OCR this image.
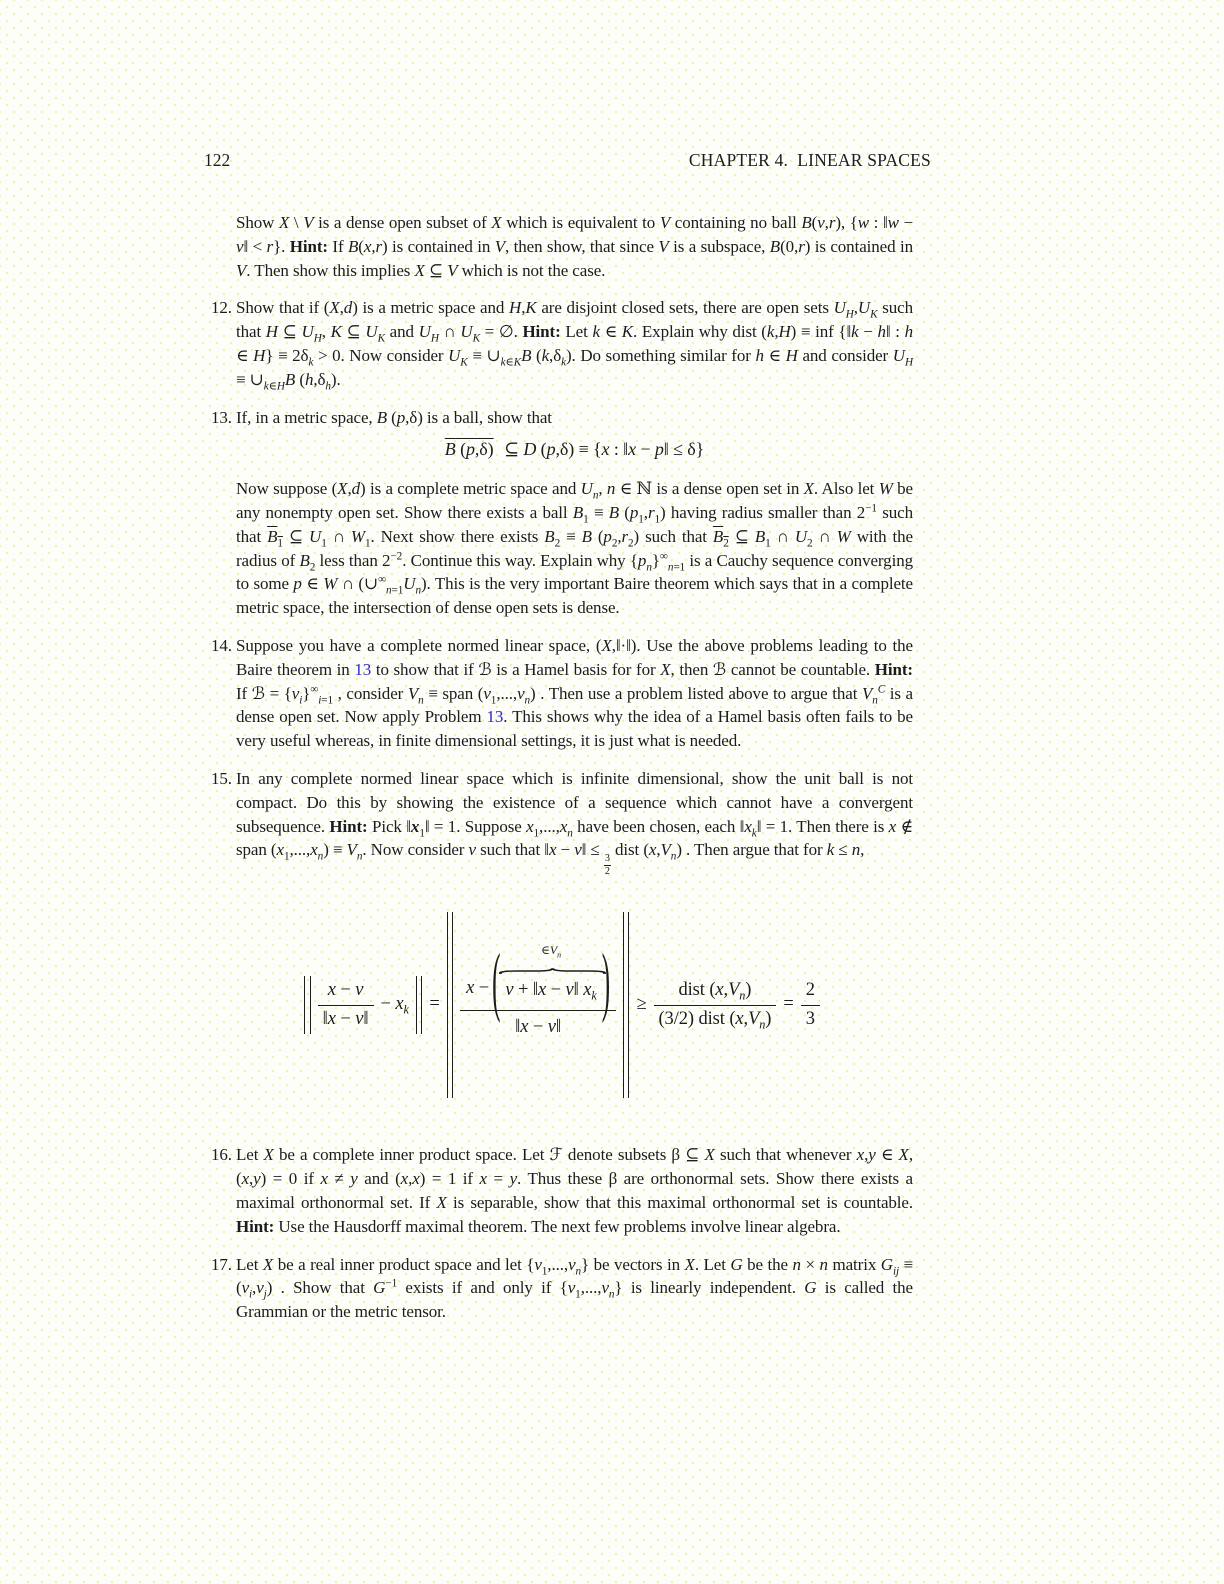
122	CHAPTER 4.  LINEAR SPACES

Show X \ V is a dense open subset of X which is equivalent to V containing no ball B(v,r), {w : ‖w − v‖ < r}. Hint: If B(x,r) is contained in V, then show, that since V is a subspace, B(0,r) is contained in V. Then show this implies X ⊆ V which is not the case.

12. Show that if (X,d) is a metric space and H,K are disjoint closed sets, there are open sets $U_H,U_K$ such that H ⊆ $U_H$, K ⊆ $U_K$ and $U_H$ ∩ $U_K$ = ∅. Hint: Let k ∈ K. Explain why dist (k,H) ≡ inf {‖k − h‖ : h ∈ $H\} \equiv 2\delta_k > 0$. Now consider $U_K$ ≡ $\cup_{k\in K}B$ $(k,\delta_k)$. Do something similar for h ∈ H and consider $U_H$ ≡ $\cup_{k\in H}B$ $(h,\delta_h)$.

13. If, in a metric space, B (p,δ) is a ball, show that

B (p,δ) ⊆ D (p,δ) ≡ {x : ‖x − p‖ ≤ δ}

Now suppose (X,d) is a complete metric space and $U_n$, n ∈ ℕ is a dense open set in X. Also let W be any nonempty open set. Show there exists a ball $B_1 \equiv B$ $(p_1,r_1)$ having radius smaller than $2^{-1}$ such that $B_1$ ⊆ $U_1$ ∩ $W_1$. Next show there exists $B_2 \equiv B$ $(p_2,r_2)$ such that $B_2$ ⊆ $B_1$ ∩ $U_2$ ∩ W with the radius of $B_2$ less than $2^{-2}$. Continue this way. Explain why $\{p_n\}^\infty_{n=1}$ is a Cauchy sequence converging to some p ∈ W ∩ $(\cup^\infty_{n=1}U_n)$. This is the very important Baire theorem which says that in a complete metric space, the intersection of dense open sets is dense.

14. Suppose you have a complete normed linear space, (X,‖·‖). Use the above problems leading to the Baire theorem in 13 to show that if ℬ is a Hamel basis for for X, then ℬ cannot be countable. Hint: If ℬ = $\{v_i\}^\infty_{i=1}$ , consider $V_n$ ≡ span $(v_1,...,v_n)$ . Then use a problem listed above to argue that $V_n^C$ is a dense open set. Now apply Problem 13. This shows why the idea of a Hamel basis often fails to be very useful whereas, in finite dimensional settings, it is just what is needed.

15. In any complete normed linear space which is infinite dimensional, show the unit ball is not compact. Do this by showing the existence of a sequence which cannot have a convergent subsequence. Hint: Pick $‖x_1‖ = 1$. Suppose $x_1,...,x_n$ have been chosen, each $‖x_k‖ = 1$. Then there is x ∉ span $(x_1,...,x_n) \equiv V_n$. Now consider v such that ‖x − v‖ ≤
$\frac{3}{2}$
dist $(x,V_n)$ . Then argue that for k ≤ n,

$\frac{x - v}{‖x - v‖} - x_k$ =
x −
(
$\in V_n$
{
v + ‖x − v‖ $x_k$
)
‖x − v‖
≥ $\frac{dist (x,V_n)}{(3/2) dist (x,V_n)} = \frac{2}{3}$
16. Let X be a complete inner product space. Let ℱ denote subsets β ⊆ X such that whenever x,y ∈ X, (x,y) = 0 if x ≠ y and (x,x) = 1 if x = y. Thus these β are orthonormal sets. Show there exists a maximal orthonormal set. If X is separable, show that this maximal orthonormal set is countable. Hint: Use the Hausdorff maximal theorem. The next few problems involve linear algebra.

17. Let X be a real inner product space and let $\{v_1,...,v_n\}$ be vectors in X. Let G be the n × n matrix $G_{ij} \equiv (v_i,v_j)$ . Show that $G^{-1}$ exists if and only if $\{v_1,...,v_n\}$ is linearly independent. G is called the Grammian or the metric tensor.
